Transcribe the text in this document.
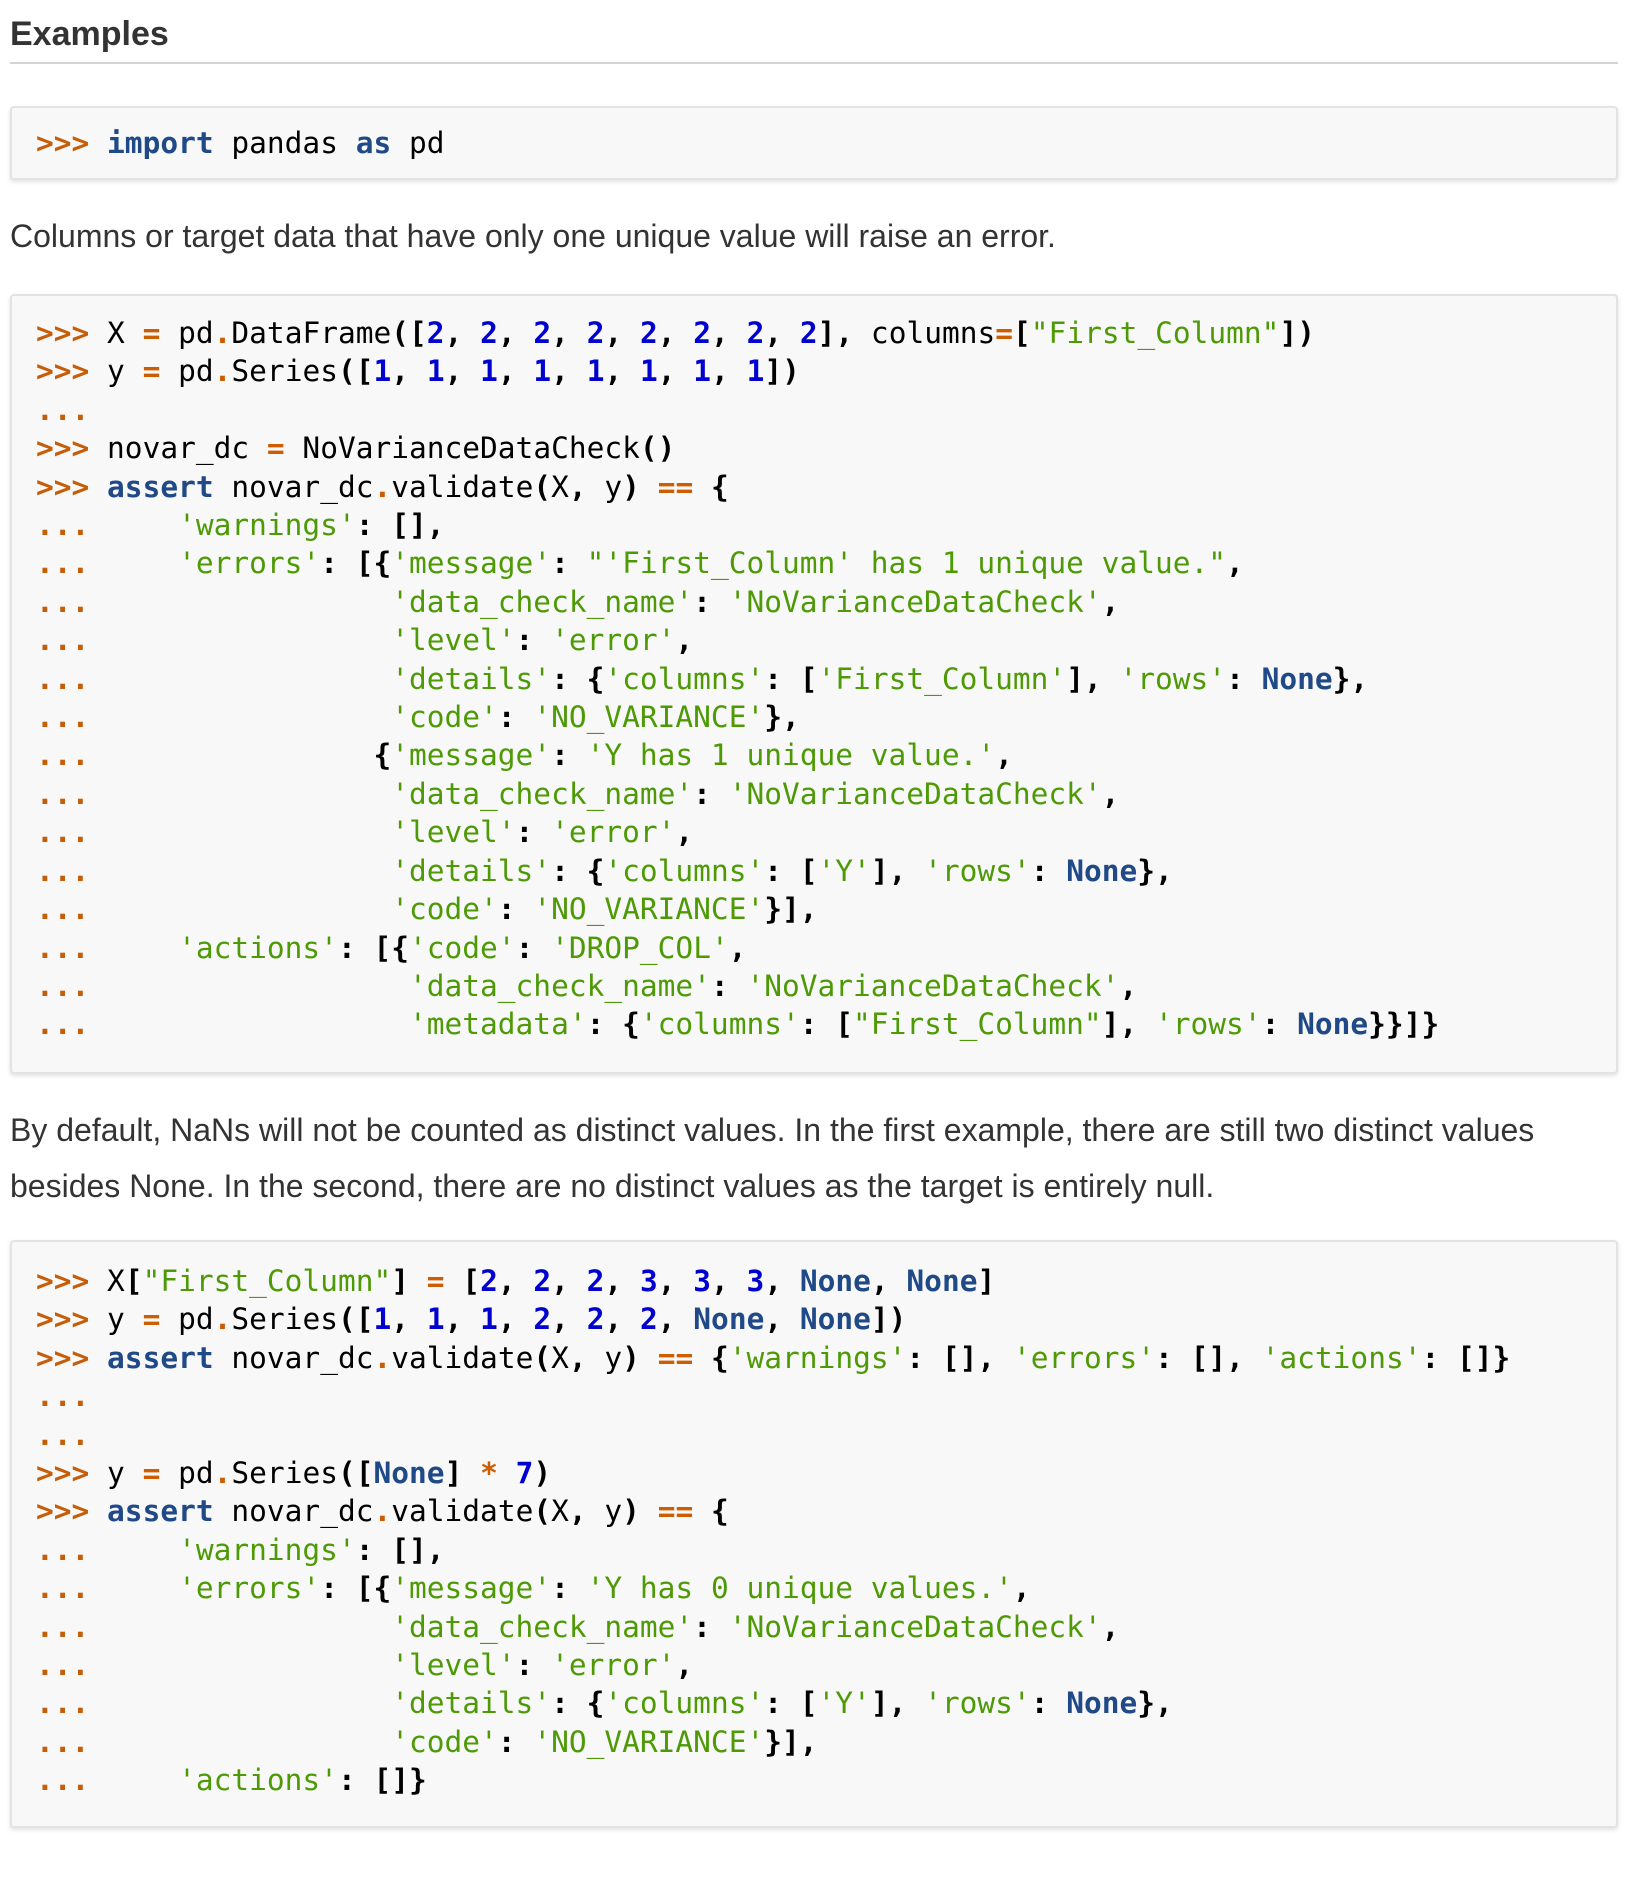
Examples
>>> import pandas as pd

Columns or target data that have only one unique value will raise an error.

>>> X = pd.DataFrame([2, 2, 2, 2, 2, 2, 2, 2], columns=["First_Column"])
>>> y = pd.Series([1, 1, 1, 1, 1, 1, 1, 1])
...
>>> novar_dc = NoVarianceDataCheck()
>>> assert novar_dc.validate(X, y) == {
...     'warnings': [],
...     'errors': [{'message': "'First_Column' has 1 unique value.",
...                 'data_check_name': 'NoVarianceDataCheck',
...                 'level': 'error',
...                 'details': {'columns': ['First_Column'], 'rows': None},
...                 'code': 'NO_VARIANCE'},
...                {'message': 'Y has 1 unique value.',
...                 'data_check_name': 'NoVarianceDataCheck',
...                 'level': 'error',
...                 'details': {'columns': ['Y'], 'rows': None},
...                 'code': 'NO_VARIANCE'}],
...     'actions': [{'code': 'DROP_COL',
...                  'data_check_name': 'NoVarianceDataCheck',
...                  'metadata': {'columns': ["First_Column"], 'rows': None}}]}

By default, NaNs will not be counted as distinct values. In the first example, there are still two distinct values besides None. In the second, there are no distinct values as the target is entirely null.

>>> X["First_Column"] = [2, 2, 2, 3, 3, 3, None, None]
>>> y = pd.Series([1, 1, 1, 2, 2, 2, None, None])
>>> assert novar_dc.validate(X, y) == {'warnings': [], 'errors': [], 'actions': []}
...
...
>>> y = pd.Series([None] * 7)
>>> assert novar_dc.validate(X, y) == {
...     'warnings': [],
...     'errors': [{'message': 'Y has 0 unique values.',
...                 'data_check_name': 'NoVarianceDataCheck',
...                 'level': 'error',
...                 'details': {'columns': ['Y'], 'rows': None},
...                 'code': 'NO_VARIANCE'}],
...     'actions': []}
